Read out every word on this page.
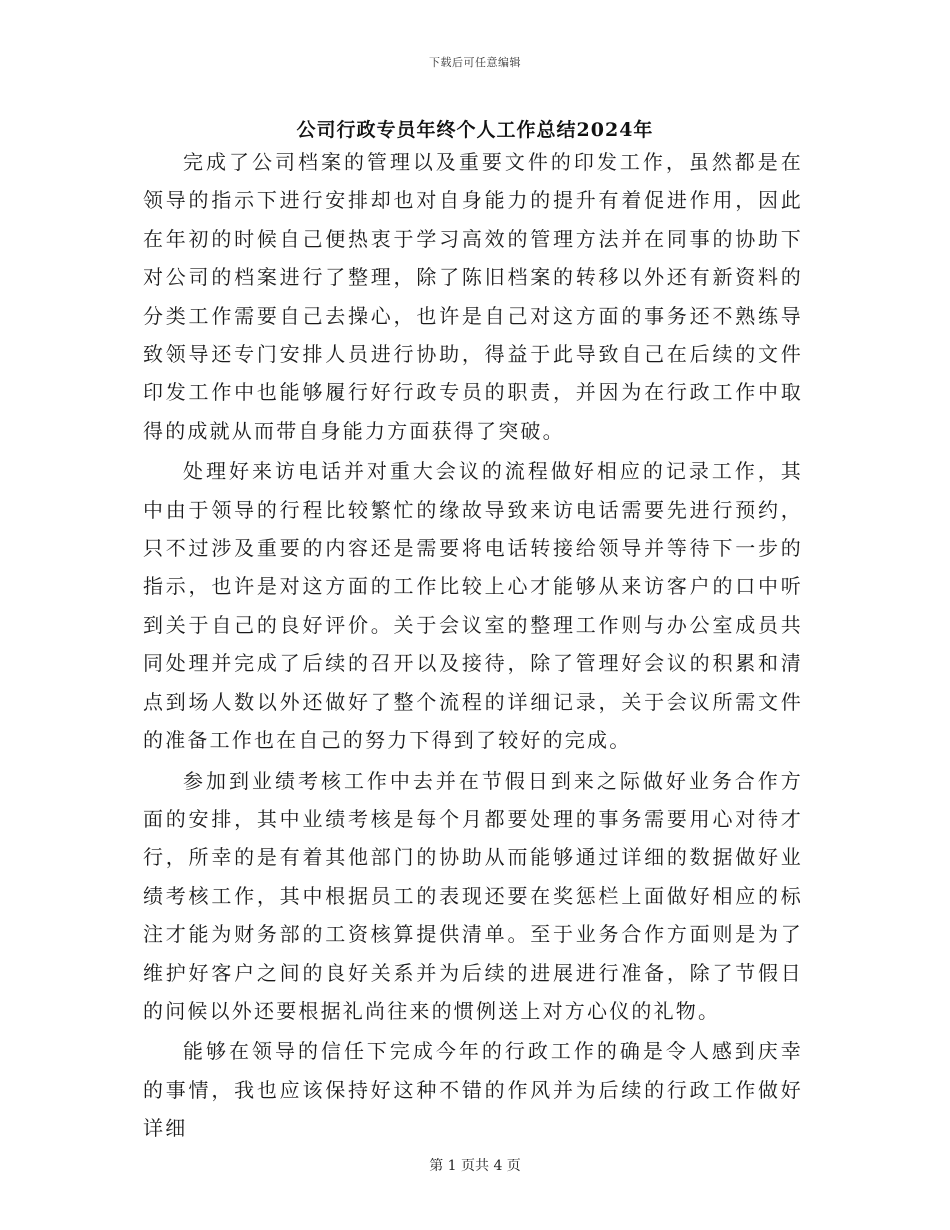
下载后可任意编辑
公司行政专员年终个人工作总结2024年

完成了公司档案的管理以及重要文件的印发工作，虽然都是在领导的指示下进行安排却也对自身能力的提升有着促进作用，因此在年初的时候自己便热衷于学习高效的管理方法并在同事的协助下对公司的档案进行了整理，除了陈旧档案的转移以外还有新资料的分类工作需要自己去操心，也许是自己对这方面的事务还不熟练导致领导还专门安排人员进行协助，得益于此导致自己在后续的文件印发工作中也能够履行好行政专员的职责，并因为在行政工作中取得的成就从而带自身能力方面获得了突破。

处理好来访电话并对重大会议的流程做好相应的记录工作，其中由于领导的行程比较繁忙的缘故导致来访电话需要先进行预约，只不过涉及重要的内容还是需要将电话转接给领导并等待下一步的指示，也许是对这方面的工作比较上心才能够从来访客户的口中听到关于自己的良好评价。关于会议室的整理工作则与办公室成员共同处理并完成了后续的召开以及接待，除了管理好会议的积累和清点到场人数以外还做好了整个流程的详细记录，关于会议所需文件的准备工作也在自己的努力下得到了较好的完成。

参加到业绩考核工作中去并在节假日到来之际做好业务合作方面的安排，其中业绩考核是每个月都要处理的事务需要用心对待才行，所幸的是有着其他部门的协助从而能够通过详细的数据做好业绩考核工作，其中根据员工的表现还要在奖惩栏上面做好相应的标注才能为财务部的工资核算提供清单。至于业务合作方面则是为了维护好客户之间的良好关系并为后续的进展进行准备，除了节假日的问候以外还要根据礼尚往来的惯例送上对方心仪的礼物。

能够在领导的信任下完成今年的行政工作的确是令人感到庆幸的事情，我也应该保持好这种不错的作风并为后续的行政工作做好详细

第 1 页共 4 页
